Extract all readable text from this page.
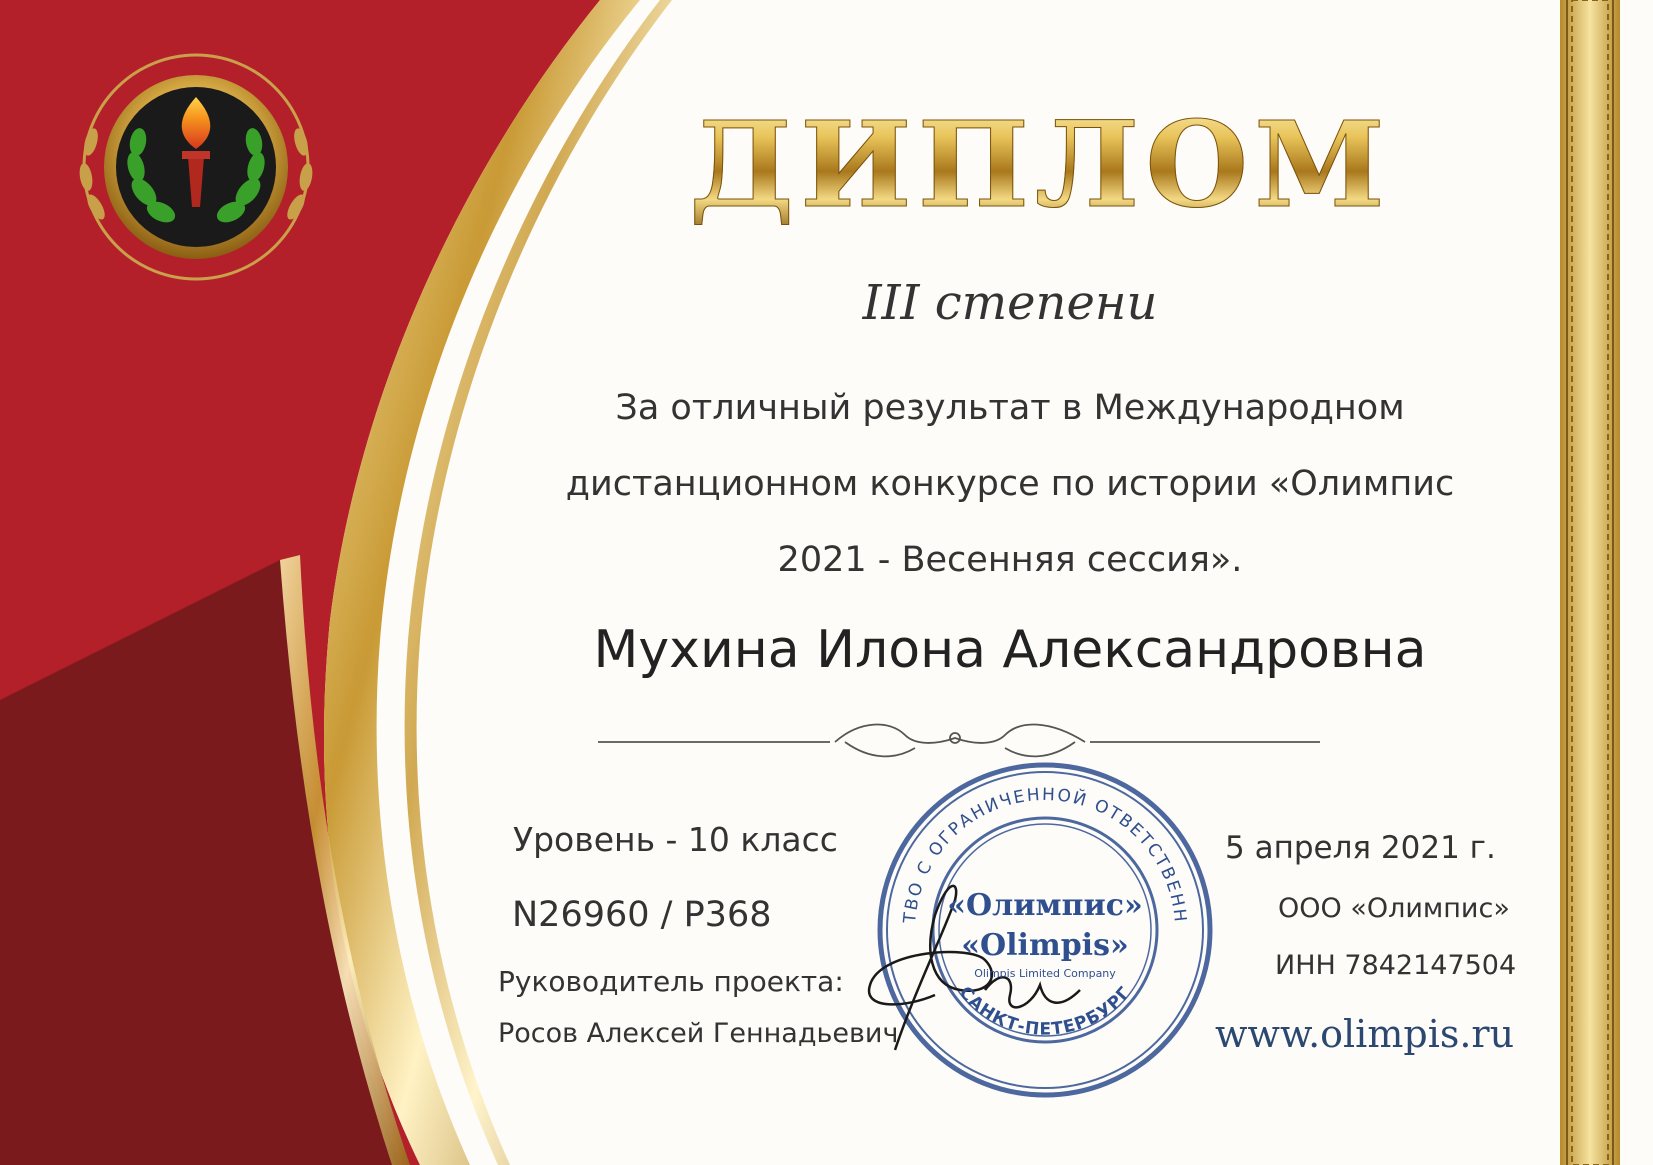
ТВО С ОГРАНИЧЕННОЙ ОТВЕТСТВЕНН
САНКТ-ПЕТЕРБУРГ
«Олимпис»
«Olimpis»
Olimpis Limited Company
ДИПЛОМ
III степени
За отличный результат в Международном
дистанционном конкурсе по истории «Олимпис
2021 - Весенняя сессия».
Мухина Илона Александровна
Уровень - 10 класс
N26960 / P368
Руководитель проекта:
Росов Алексей Геннадьевич
5 апреля 2021 г.
ООО «Олимпис»
ИНН 7842147504
www.olimpis.ru
